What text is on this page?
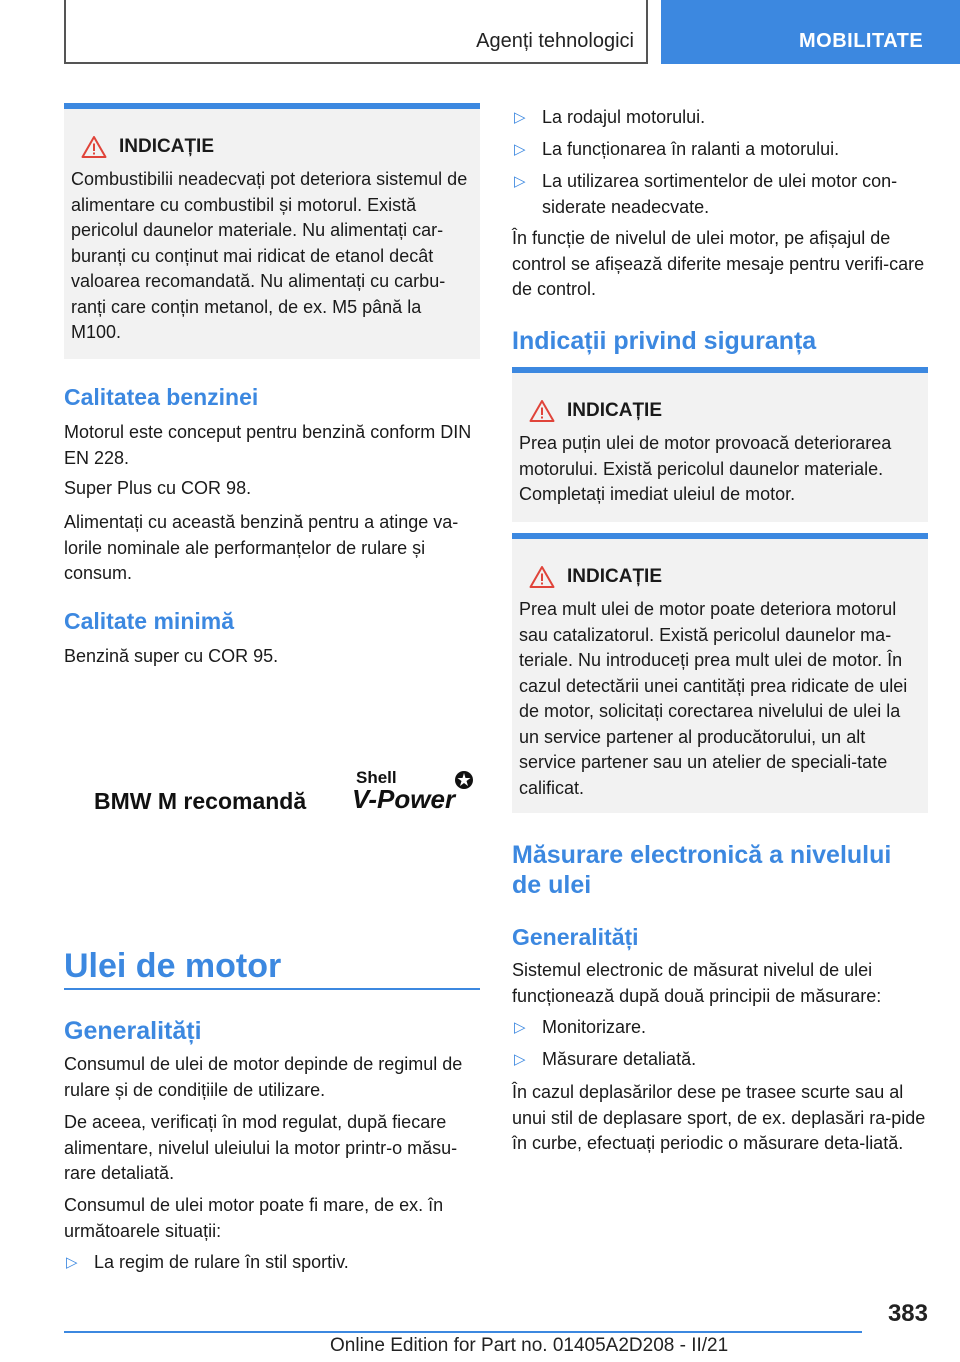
Agenți tehnologici	MOBILITATE
INDICAȚIE
Combustibilii neadecvați pot deteriora sistemul de alimentare cu combustibil și motorul. Există pericolul daunelor materiale. Nu alimentați car-buranți cu conținut mai ridicat de etanol decât valoarea recomandată. Nu alimentați cu carbu-ranți care conțin metanol, de ex. M5 până la M100.
Calitatea benzinei
Motorul este conceput pentru benzină conform DIN EN 228.
Super Plus cu COR 98.
Alimentați cu această benzină pentru a atinge va-lorile nominale ale performanțelor de rulare și consum.
Calitate minimă
Benzină super cu COR 95.
BMW M recomandă
Shell
V-Power
Ulei de motor
Generalități
Consumul de ulei de motor depinde de regimul de rulare și de condițiile de utilizare.
De aceea, verificați în mod regulat, după fiecare alimentare, nivelul uleiului la motor printr-o măsu-rare detaliată.
Consumul de ulei motor poate fi mare, de ex. în următoarele situații:
▷ La regim de rulare în stil sportiv.
▷ La rodajul motorului.
▷ La funcționarea în ralanti a motorului.
▷ La utilizarea sortimentelor de ulei motor con-siderate neadecvate.
În funcție de nivelul de ulei motor, pe afișajul de control se afișează diferite mesaje pentru verifi-care de control.
Indicații privind siguranța
INDICAȚIE
Prea puțin ulei de motor provoacă deteriorarea motorului. Există pericolul daunelor materiale. Completați imediat uleiul de motor.
INDICAȚIE
Prea mult ulei de motor poate deteriora motorul sau catalizatorul. Există pericolul daunelor ma-teriale. Nu introduceți prea mult ulei de motor. În cazul detectării unei cantități prea ridicate de ulei de motor, solicitați corectarea nivelului de ulei la un service partener al producătorului, un alt service partener sau un atelier de speciali-tate calificat.
Măsurare electronică a nivelului de ulei
Generalități
Sistemul electronic de măsurat nivelul de ulei funcționează după două principii de măsurare:
▷ Monitorizare.
▷ Măsurare detaliată.
În cazul deplasărilor dese pe trasee scurte sau al unui stil de deplasare sport, de ex. deplasări ra-pide în curbe, efectuați periodic o măsurare deta-liată.
383
Online Edition for Part no. 01405A2D208 - II/21
